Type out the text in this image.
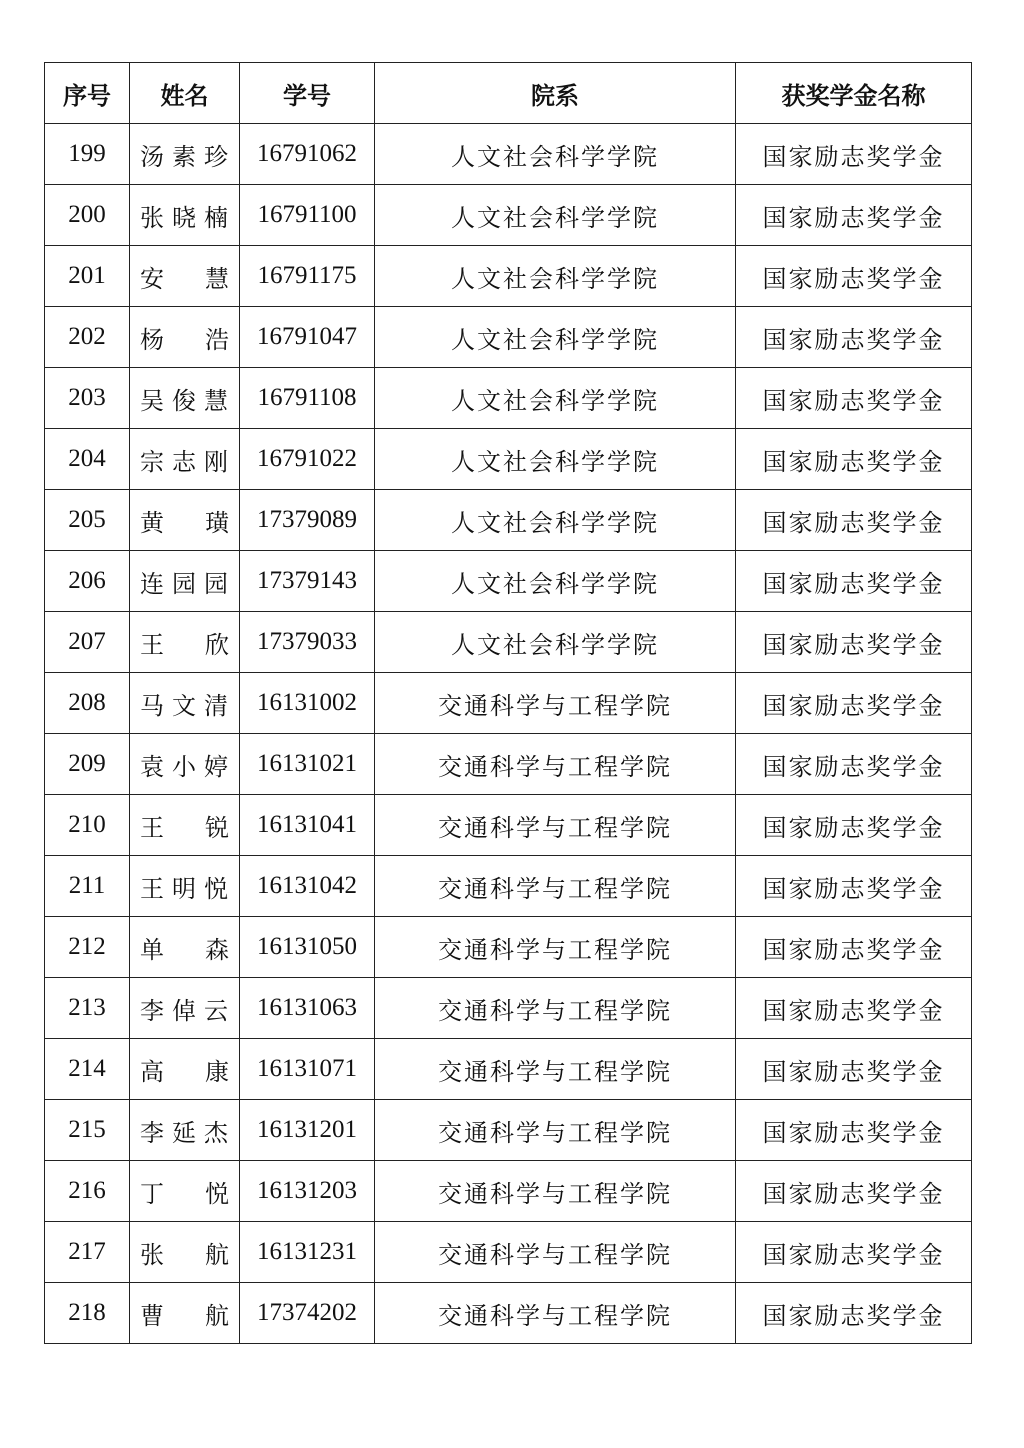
序号	姓名	学号	院系	获奖学金名称
199	汤素珍	16791062	人文社会科学学院	国家励志奖学金
200	张晓楠	16791100	人文社会科学学院	国家励志奖学金
201	安慧	16791175	人文社会科学学院	国家励志奖学金
202	杨浩	16791047	人文社会科学学院	国家励志奖学金
203	吴俊慧	16791108	人文社会科学学院	国家励志奖学金
204	宗志刚	16791022	人文社会科学学院	国家励志奖学金
205	黄璜	17379089	人文社会科学学院	国家励志奖学金
206	连园园	17379143	人文社会科学学院	国家励志奖学金
207	王欣	17379033	人文社会科学学院	国家励志奖学金
208	马文清	16131002	交通科学与工程学院	国家励志奖学金
209	袁小婷	16131021	交通科学与工程学院	国家励志奖学金
210	王锐	16131041	交通科学与工程学院	国家励志奖学金
211	王明悦	16131042	交通科学与工程学院	国家励志奖学金
212	单森	16131050	交通科学与工程学院	国家励志奖学金
213	李倬云	16131063	交通科学与工程学院	国家励志奖学金
214	高康	16131071	交通科学与工程学院	国家励志奖学金
215	李延杰	16131201	交通科学与工程学院	国家励志奖学金
216	丁悦	16131203	交通科学与工程学院	国家励志奖学金
217	张航	16131231	交通科学与工程学院	国家励志奖学金
218	曹航	17374202	交通科学与工程学院	国家励志奖学金
